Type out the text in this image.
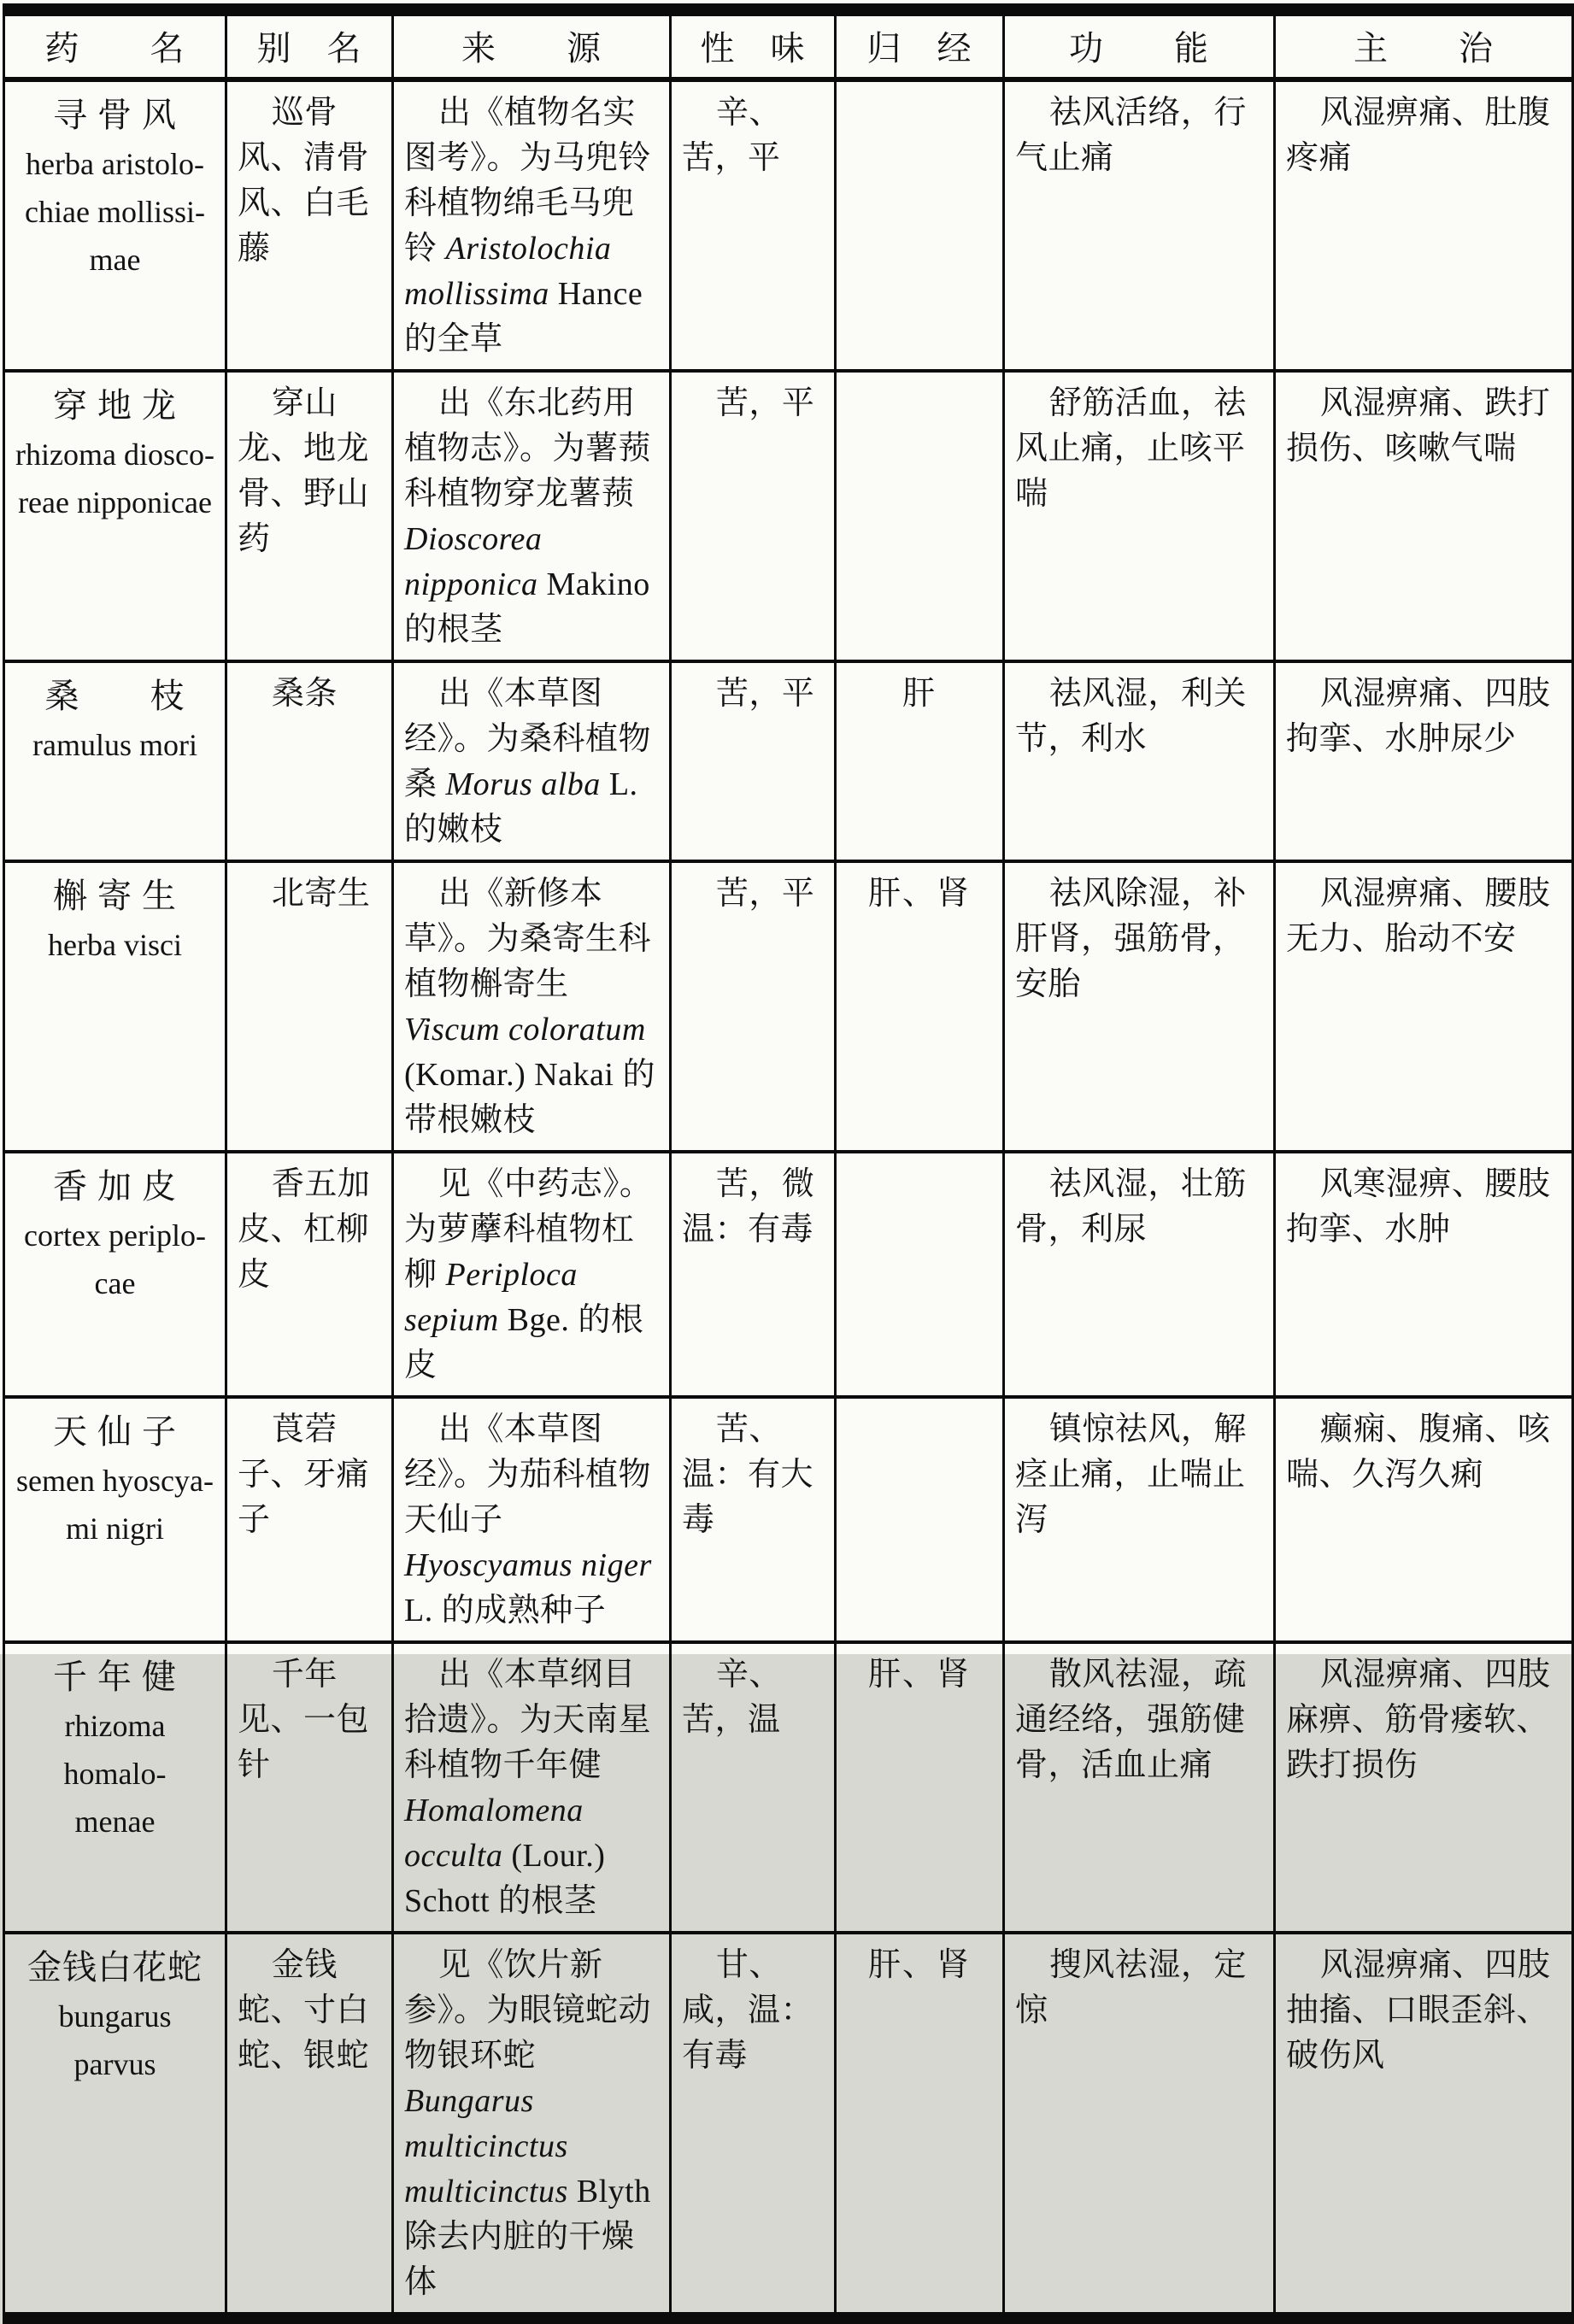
药　　名	别　名	来　　源	性　味	归　经	功　　能	主　　治

寻 骨 风
herba aristolo-
chiae mollissi-
mae	巡骨风、清骨风、白毛藤	出《植物名实图考》。为马兜铃科植物绵毛马兜铃 Aristolochia mollissima Hance 的全草	辛、苦，平		祛风活络，行气止痛	风湿痹痛、肚腹疼痛

穿 地 龙
rhizoma diosco-
reae nipponicae	穿山龙、地龙骨、野山药	出《东北药用植物志》。为薯蓣科植物穿龙薯蓣 Dioscorea nipponica Makino 的根茎	苦，平		舒筋活血，祛风止痛，止咳平喘	风湿痹痛、跌打损伤、咳嗽气喘

桑　　枝
ramulus mori	桑条	出《本草图经》。为桑科植物桑 Morus alba L. 的嫩枝	苦，平	肝	祛风湿，利关节，利水	风湿痹痛、四肢拘挛、水肿尿少

槲 寄 生
herba visci	北寄生	出《新修本草》。为桑寄生科植物槲寄生 Viscum coloratum (Komar.) Nakai 的带根嫩枝	苦，平	肝、肾	祛风除湿，补肝肾，强筋骨，安胎	风湿痹痛、腰肢无力、胎动不安

香 加 皮
cortex periplo-
cae	香五加皮、杠柳皮	见《中药志》。为萝藦科植物杠柳 Periploca sepium Bge. 的根皮	苦，微温：有毒		祛风湿，壮筋骨，利尿	风寒湿痹、腰肢拘挛、水肿

天 仙 子
semen hyoscya-
mi nigri	莨菪子、牙痛子	出《本草图经》。为茄科植物天仙子 Hyoscyamus niger L. 的成熟种子	苦、温：有大毒		镇惊祛风，解痉止痛，止喘止泻	癫痫、腹痛、咳喘、久泻久痢

千 年 健
rhizoma homalo-
menae	千年见、一包针	出《本草纲目拾遗》。为天南星科植物千年健 Homalomena occulta (Lour.) Schott 的根茎	辛、苦，温	肝、肾	散风祛湿，疏通经络，强筋健骨，活血止痛	风湿痹痛、四肢麻痹、筋骨痿软、跌打损伤

金钱白花蛇
bungarus
parvus	金钱蛇、寸白蛇、银蛇	见《饮片新参》。为眼镜蛇动物银环蛇 Bungarus multicinctus multicinctus Blyth 除去内脏的干燥体	甘、咸，温：有毒	肝、肾	搜风祛湿，定惊	风湿痹痛、四肢抽搐、口眼歪斜、破伤风
